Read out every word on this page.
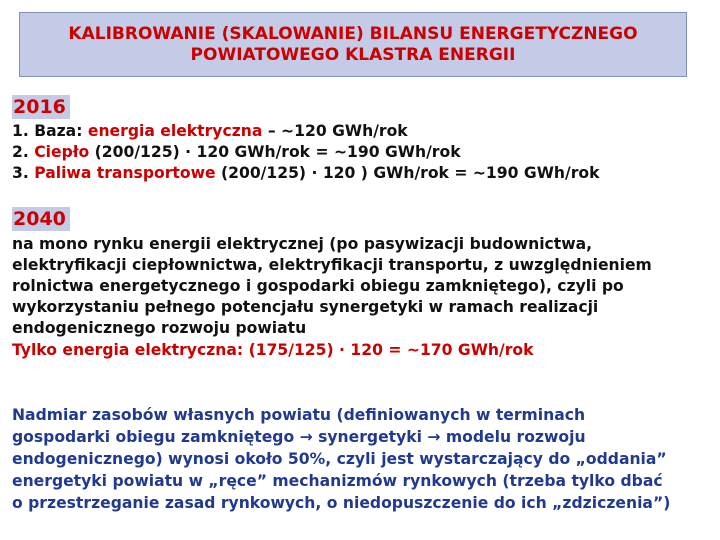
KALIBROWANIE (SKALOWANIE) BILANSU ENERGETYCZNEGO
POWIATOWEGO KLASTRA ENERGII
2016
1. Baza: energia elektryczna – ~120 GWh/rok
2. Ciepło (200/125) · 120 GWh/rok = ~190 GWh/rok
3. Paliwa transportowe (200/125) · 120 ) GWh/rok = ~190 GWh/rok
2040
na mono rynku energii elektrycznej (po pasywizacji budownictwa,
elektryfikacji ciepłownictwa, elektryfikacji transportu, z uwzględnieniem
rolnictwa energetycznego i gospodarki obiegu zamkniętego), czyli po
wykorzystaniu pełnego potencjału synergetyki w ramach realizacji
endogenicznego rozwoju powiatu
Tylko energia elektryczna: (175/125) · 120 = ~170 GWh/rok
Nadmiar zasobów własnych powiatu (definiowanych w terminach
gospodarki obiegu zamkniętego → synergetyki → modelu rozwoju
endogenicznego) wynosi około 50%, czyli jest wystarczający do „oddania”
energetyki powiatu w „ręce” mechanizmów rynkowych (trzeba tylko dbać
o przestrzeganie zasad rynkowych, o niedopuszczenie do ich „zdziczenia”)
